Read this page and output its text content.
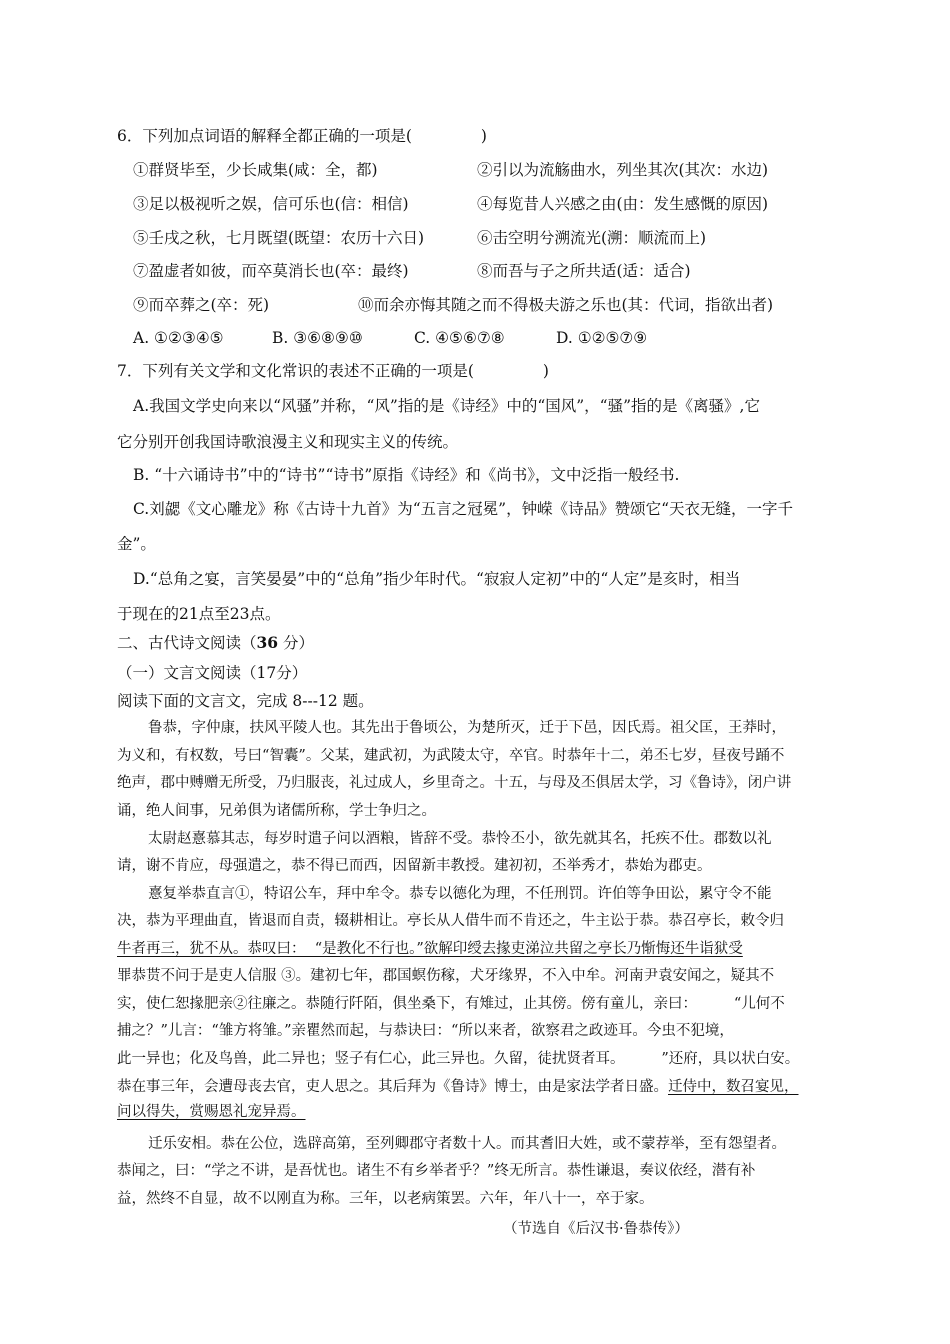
6．下列加点词语的解释全都正确的一项是(              )
①群贤毕至，少长咸集(咸：全，都)	②引以为流觞曲水，列坐其次(其次：水边)
③足以极视听之娱，信可乐也(信：相信)	④每览昔人兴感之由(由：发生感慨的原因)
⑤壬戌之秋，七月既望(既望：农历十六日)	⑥击空明兮溯流光(溯：顺流而上)
⑦盈虚者如彼，而卒莫消长也(卒：最终)	⑧而吾与子之所共适(适：适合)
⑨而卒葬之(卒：死)	⑩而余亦悔其随之而不得极夫游之乐也(其：代词，指欲出者)
A. ①②③④⑤	B. ③⑥⑧⑨⑩	C. ④⑤⑥⑦⑧	D. ①②⑤⑦⑨
7．下列有关文学和文化常识的表述不正确的一项是(              )
A.我国文学史向来以“风骚”并称，“风”指的是《诗经》中的“国风”，“骚”指的是《离骚》,它
它分别开创我国诗歌浪漫主义和现实主义的传统。
B. “十六诵诗书”中的“诗书”“诗书”原指《诗经》和《尚书》，文中泛指一般经书.
C.刘勰《文心雕龙》称《古诗十九首》为“五言之冠冕”，钟嵘《诗品》赞颂它“天衣无缝，一字千
金”。
D.“总角之宴，言笑晏晏”中的“总角”指少年时代。“寂寂人定初”中的“人定”是亥时，相当
于现在的21点至23点。
二、古代诗文阅读（36 分）
（一）文言文阅读（17分）
阅读下面的文言文，完成 8---12 题。
鲁恭，字仲康，扶风平陵人也。其先出于鲁顷公，为楚所灭，迁于下邑，因氏焉。祖父匡，王莽时，
为义和，有权数，号曰“智囊”。父某，建武初，为武陵太守，卒官。时恭年十二，弟丕七岁，昼夜号踊不
绝声，郡中赙赠无所受，乃归服丧，礼过成人，乡里奇之。十五，与母及丕俱居太学，习《鲁诗》，闭户讲
诵，绝人间事，兄弟俱为诸儒所称，学士争归之。
太尉赵憙慕其志，每岁时遣子问以酒粮，皆辞不受。恭怜丕小，欲先就其名，托疾不仕。郡数以礼
请，谢不肯应，母强遣之，恭不得已而西，因留新丰教授。建初初，丕举秀才，恭始为郡吏。
憙复举恭直言①，特诏公车，拜中牟令。恭专以德化为理，不任刑罚。许伯等争田讼，累守令不能
决，恭为平理曲直，皆退而自责，辍耕相让。亭长从人借牛而不肯还之，牛主讼于恭。恭召亭长，敕令归
牛者再三，犹不从。恭叹曰：  “是教化不行也。”欲解印绶去掾吏涕泣共留之亭长乃惭悔还牛诣狱受
罪恭贳不问于是吏人信服 ③。建初七年，郡国螟伤稼，犬牙缘界，不入中牟。河南尹袁安闻之，疑其不
实，使仁恕掾肥亲②往廉之。恭随行阡陌，俱坐桑下，有雉过，止其傍。傍有童儿，亲曰：        “儿何不
捕之？”儿言：“雏方将雏。”亲瞿然而起，与恭诀曰：“所以来者，欲察君之政迹耳。今虫不犯境，
此一异也；化及鸟兽，此二异也；竖子有仁心，此三异也。久留，徒扰贤者耳。        ”还府，具以状白安。
恭在事三年，会遭母丧去官，吏人思之。其后拜为《鲁诗》博士，由是家法学者日盛。迁侍中，数召宴见，
问以得失，赏赐恩礼宠异焉。
迁乐安相。恭在公位，选辟高第，至列卿郡守者数十人。而其耆旧大姓，或不蒙荐举，至有怨望者。
恭闻之，曰：“学之不讲，是吾忧也。诸生不有乡举者乎？”终无所言。恭性谦退，奏议依经，潜有补
益，然终不自显，故不以刚直为称。三年，以老病策罢。六年，年八十一，卒于家。
（节选自《后汉书·鲁恭传》）
